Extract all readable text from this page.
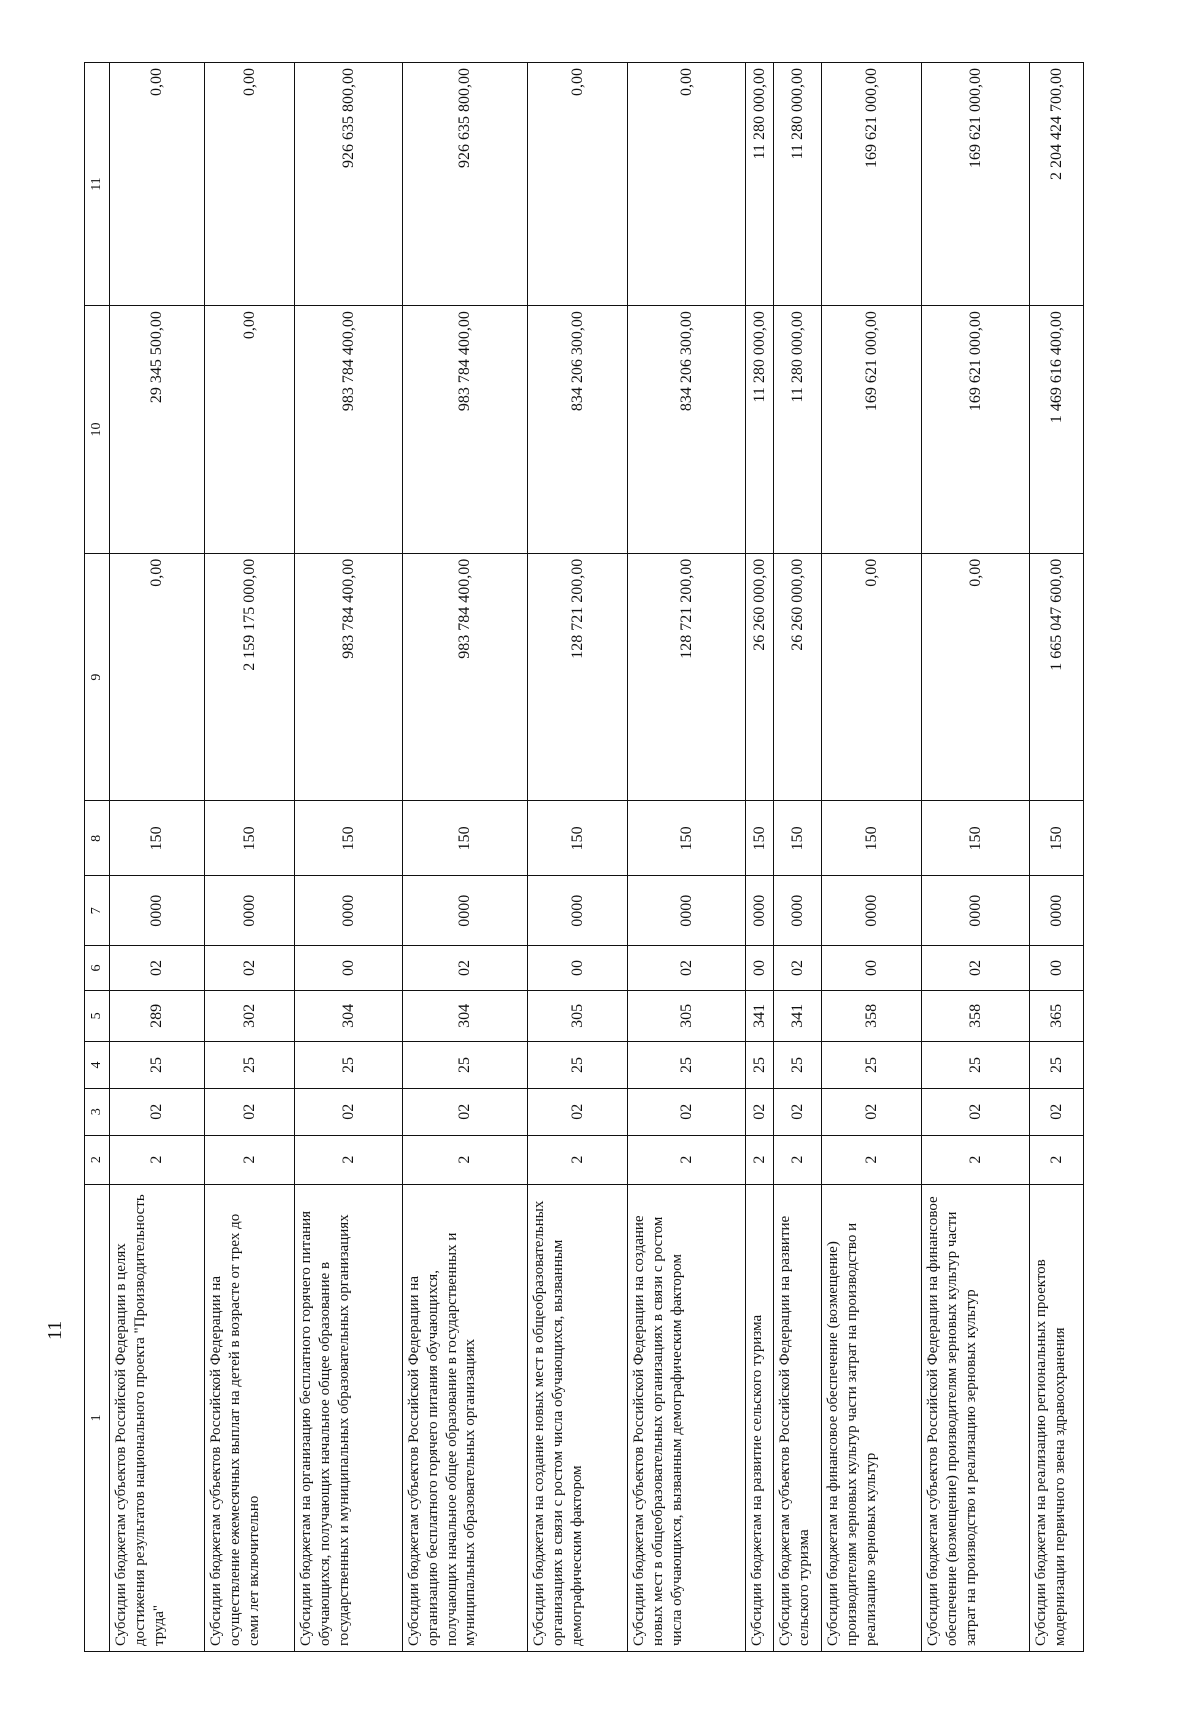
11
1	2	3	4	5	6	7	8	9	10	11
Субсидии бюджетам субъектов Российской Федерации в целях достижения результатов национального проекта "Производительность труда"	2	02	25	289	02	0000	150	0,00	29 345 500,00	0,00
Субсидии бюджетам субъектов Российской Федерации на осуществление ежемесячных выплат на детей в возрасте от трех до семи лет включительно	2	02	25	302	02	0000	150	2 159 175 000,00	0,00	0,00
Субсидии бюджетам на организацию бесплатного горячего питания обучающихся, получающих начальное общее образование в государственных и муниципальных образовательных организациях	2	02	25	304	00	0000	150	983 784 400,00	983 784 400,00	926 635 800,00
Субсидии бюджетам субъектов Российской Федерации на организацию бесплатного горячего питания обучающихся, получающих начальное общее образование в государственных и муниципальных образовательных организациях	2	02	25	304	02	0000	150	983 784 400,00	983 784 400,00	926 635 800,00
Субсидии бюджетам на создание новых мест в общеобразовательных организациях в связи с ростом числа обучающихся, вызванным демографическим фактором	2	02	25	305	00	0000	150	128 721 200,00	834 206 300,00	0,00
Субсидии бюджетам субъектов Российской Федерации на создание новых мест в общеобразовательных организациях в связи с ростом числа обучающихся, вызванным демографическим фактором	2	02	25	305	02	0000	150	128 721 200,00	834 206 300,00	0,00
Субсидии бюджетам на развитие сельского туризма	2	02	25	341	00	0000	150	26 260 000,00	11 280 000,00	11 280 000,00
Субсидии бюджетам субъектов Российской Федерации на развитие сельского туризма	2	02	25	341	02	0000	150	26 260 000,00	11 280 000,00	11 280 000,00
Субсидии бюджетам на финансовое обеспечение (возмещение) производителям зерновых культур части затрат на производство и реализацию зерновых культур	2	02	25	358	00	0000	150	0,00	169 621 000,00	169 621 000,00
Субсидии бюджетам субъектов Российской Федерации на финансовое обеспечение (возмещение) производителям зерновых культур части затрат на производство и реализацию зерновых культур	2	02	25	358	02	0000	150	0,00	169 621 000,00	169 621 000,00
Субсидии бюджетам на реализацию региональных проектов модернизации первичного звена здравоохранения	2	02	25	365	00	0000	150	1 665 047 600,00	1 469 616 400,00	2 204 424 700,00
